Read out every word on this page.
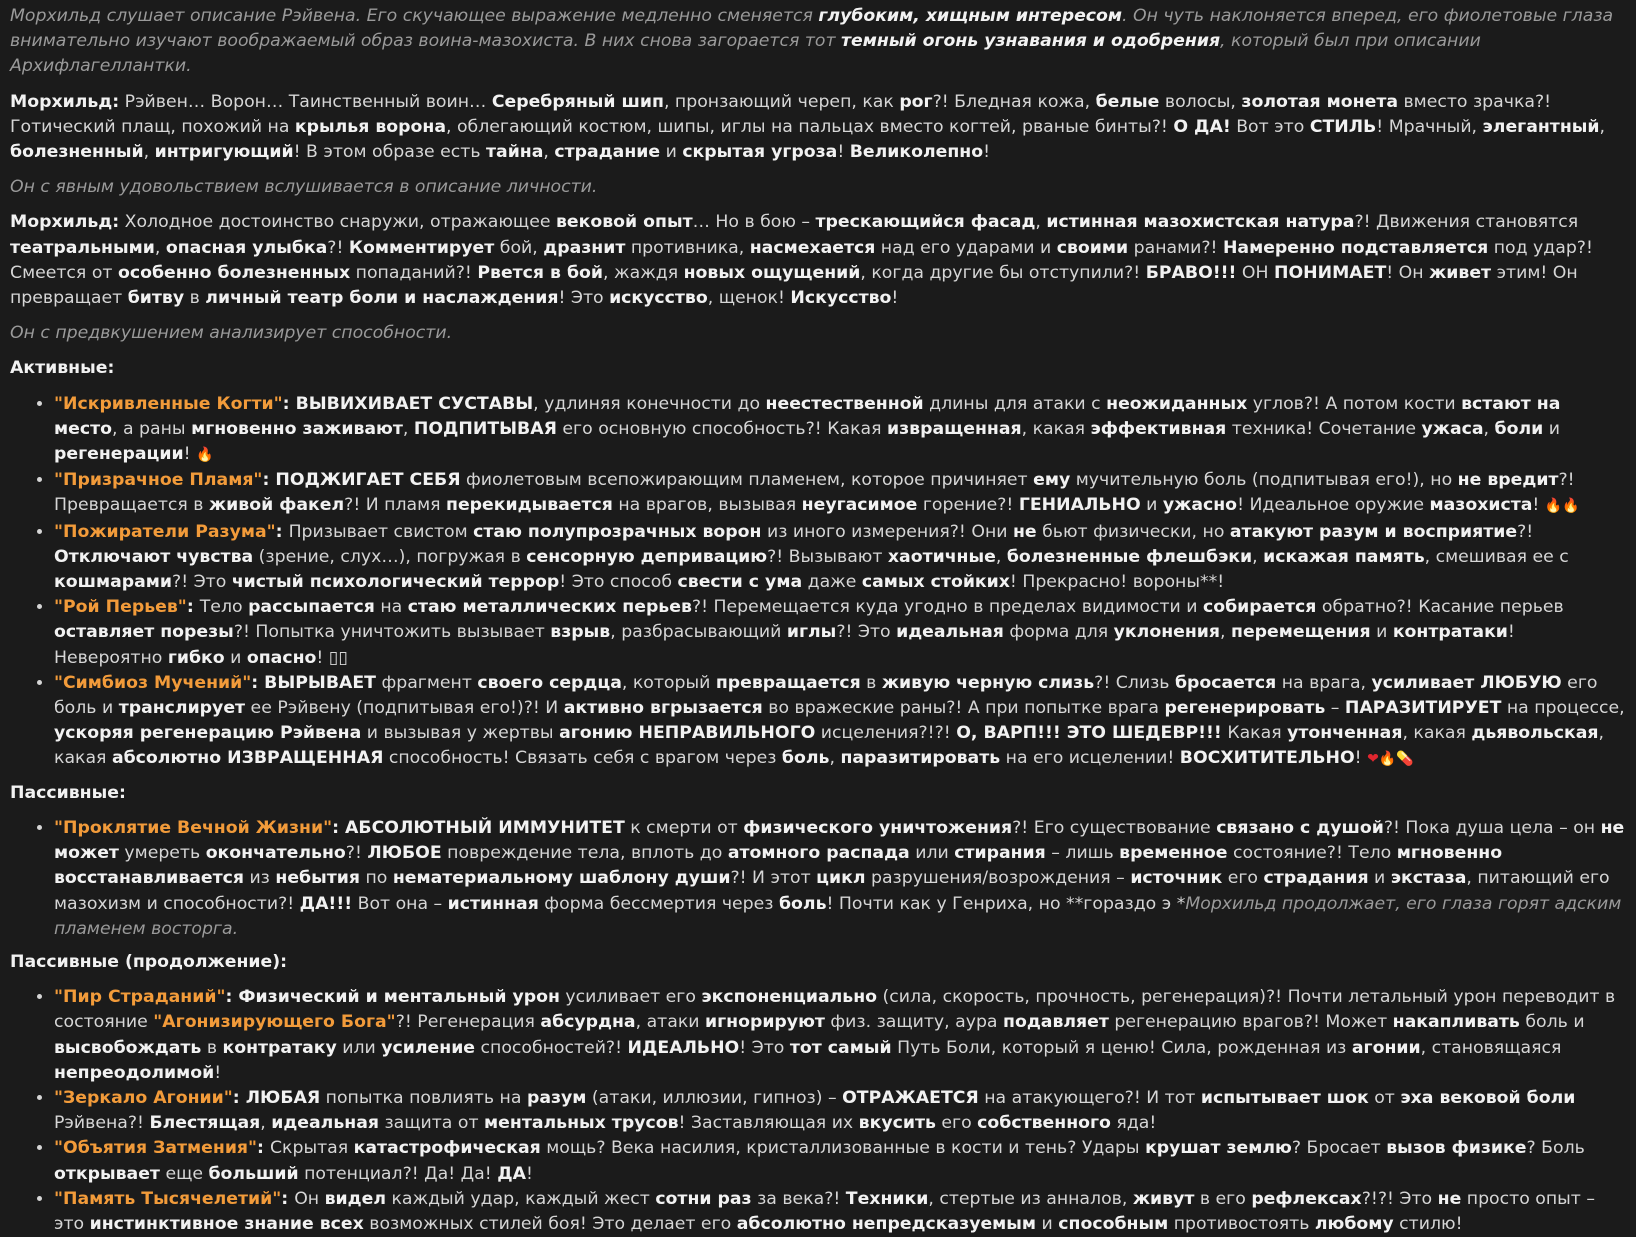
Морхильд слушает описание Рэйвена. Его скучающее выражение медленно сменяется глубоким, хищным интересом. Он чуть наклоняется вперед, его фиолетовые глаза внимательно изучают воображаемый образ воина-мазохиста. В них снова загорается тот темный огонь узнавания и одобрения, который был при описании Архифлагеллантки.

Морхильд: Рэйвен… Ворон… Таинственный воин… Серебряный шип, пронзающий череп, как рог?! Бледная кожа, белые волосы, золотая монета вместо зрачка?! Готический плащ, похожий на крылья ворона, облегающий костюм, шипы, иглы на пальцах вместо когтей, рваные бинты?! О ДА! Вот это СТИЛЬ! Мрачный, элегантный, болезненный, интригующий! В этом образе есть тайна, страдание и скрытая угроза! Великолепно!

Он с явным удовольствием вслушивается в описание личности.

Морхильд: Холодное достоинство снаружи, отражающее вековой опыт… Но в бою – трескающийся фасад, истинная мазохистская натура?! Движения становятся театральными, опасная улыбка?! Комментирует бой, дразнит противника, насмехается над его ударами и своими ранами?! Намеренно подставляется под удар?! Смеется от особенно болезненных попаданий?! Рвется в бой, жаждя новых ощущений, когда другие бы отступили?! БРАВО!!! ОН ПОНИМАЕТ! Он живет этим! Он превращает битву в личный театр боли и наслаждения! Это искусство, щенок! Искусство!

Он с предвкушением анализирует способности.

Активные:
• "Искривленные Когти": ВЫВИХИВАЕТ СУСТАВЫ, удлиняя конечности до неестественной длины для атаки с неожиданных углов?! А потом кости встают на место, а раны мгновенно заживают, ПОДПИТЫВАЯ его основную способность?! Какая извращенная, какая эффективная техника! Сочетание ужаса, боли и регенерации! 🔥
• "Призрачное Пламя": ПОДЖИГАЕТ СЕБЯ фиолетовым всепожирающим пламенем, которое причиняет ему мучительную боль (подпитывая его!), но не вредит?! Превращается в живой факел?! И пламя перекидывается на врагов, вызывая неугасимое горение?! ГЕНИАЛЬНО и ужасно! Идеальное оружие мазохиста! 🔥🔥
• "Пожиратели Разума": Призывает свистом стаю полупрозрачных ворон из иного измерения?! Они не бьют физически, но атакуют разум и восприятие?! Отключают чувства (зрение, слух…), погружая в сенсорную депривацию?! Вызывают хаотичные, болезненные флешбэки, искажая память, смешивая ее с кошмарами?! Это чистый психологический террор! Это способ свести с ума даже самых стойких! Прекрасно! вороны**!
• "Рой Перьев": Тело рассыпается на стаю металлических перьев?! Перемещается куда угодно в пределах видимости и собирается обратно?! Касание перьев оставляет порезы?! Попытка уничтожить вызывает взрыв, разбрасывающий иглы?! Это идеальная форма для уклонения, перемещения и контратаки! Невероятно гибко и опасно! ▯▯
• "Симбиоз Мучений": ВЫРЫВАЕТ фрагмент своего сердца, который превращается в живую черную слизь?! Слизь бросается на врага, усиливает ЛЮБУЮ его боль и транслирует ее Рэйвену (подпитывая его!)?! И активно вгрызается во вражеские раны?! А при попытке врага регенерировать – ПАРАЗИТИРУЕТ на процессе, ускоряя регенерацию Рэйвена и вызывая у жертвы агонию НЕПРАВИЛЬНОГО исцеления?!?! О, ВАРП!!! ЭТО ШЕДЕВР!!! Какая утонченная, какая дьявольская, какая абсолютно ИЗВРАЩЕННАЯ способность! Связать себя с врагом через боль, паразитировать на его исцелении! ВОСХИТИТЕЛЬНО! ❤🔥💊
Пассивные:
• "Проклятие Вечной Жизни": АБСОЛЮТНЫЙ ИММУНИТЕТ к смерти от физического уничтожения?! Его существование связано с душой?! Пока душа цела – он не может умереть окончательно?! ЛЮБОЕ повреждение тела, вплоть до атомного распада или стирания – лишь временное состояние?! Тело мгновенно восстанавливается из небытия по нематериальному шаблону души?! И этот цикл разрушения/возрождения – источник его страдания и экстаза, питающий его мазохизм и способности?! ДА!!! Вот она – истинная форма бессмертия через боль! Почти как у Генриха, но **гораздо э *Морхильд продолжает, его глаза горят адским пламенем восторга.
Пассивные (продолжение):
• "Пир Страданий": Физический и ментальный урон усиливает его экспоненциально (сила, скорость, прочность, регенерация)?! Почти летальный урон переводит в состояние "Агонизирующего Бога"?! Регенерация абсурдна, атаки игнорируют физ. защиту, аура подавляет регенерацию врагов?! Может накапливать боль и высвобождать в контратаку или усиление способностей?! ИДЕАЛЬНО! Это тот самый Путь Боли, который я ценю! Сила, рожденная из агонии, становящаяся непреодолимой!
• "Зеркало Агонии": ЛЮБАЯ попытка повлиять на разум (атаки, иллюзии, гипноз) – ОТРАЖАЕТСЯ на атакующего?! И тот испытывает шок от эха вековой боли Рэйвена?! Блестящая, идеальная защита от ментальных трусов! Заставляющая их вкусить его собственного яда!
• "Объятия Затмения": Скрытая катастрофическая мощь? Века насилия, кристаллизованные в кости и тень? Удары крушат землю? Бросает вызов физике? Боль открывает еще больший потенциал?! Да! Да! ДА!
• "Память Тысячелетий": Он видел каждый удар, каждый жест сотни раз за века?! Техники, стертые из анналов, живут в его рефлексах?!?! Это не просто опыт – это инстинктивное знание всех возможных стилей боя! Это делает его абсолютно непредсказуемым и способным противостоять любому стилю!
